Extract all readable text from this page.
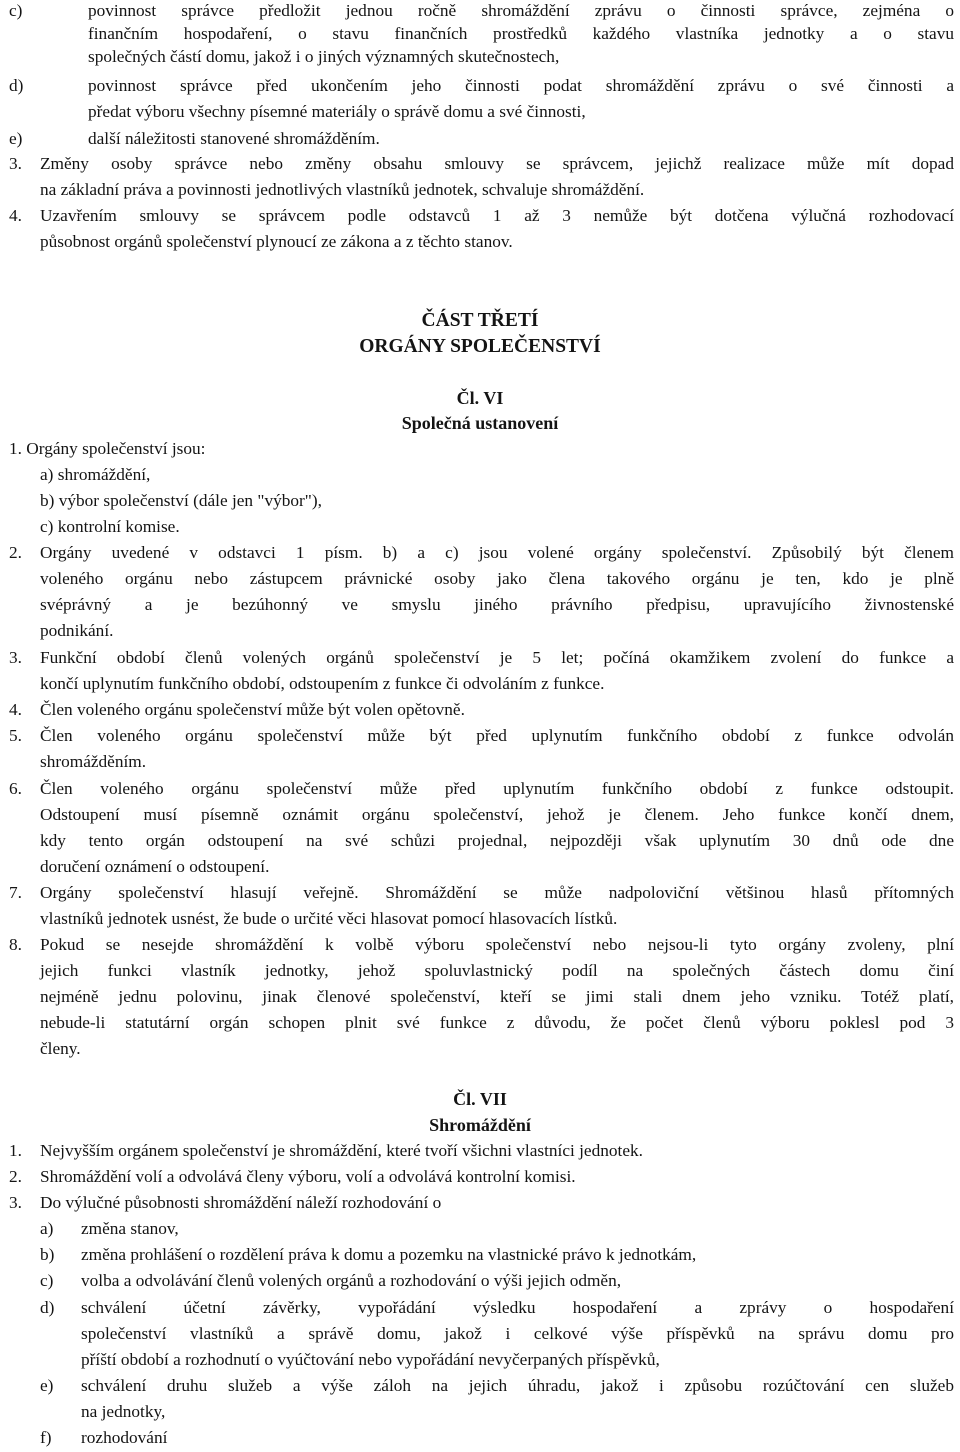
c)	povinnost správce předložit jednou ročně shromáždění zprávu o činnosti správce, zejména o
finančním hospodaření, o stavu finančních prostředků každého vlastníka jednotky a o stavu
společných částí domu, jakož i o jiných významných skutečnostech,
d)	povinnost správce před ukončením jeho činnosti podat shromáždění zprávu o své činnosti a
předat výboru všechny písemné materiály o správě domu a své činnosti,
e)	další náležitosti stanovené shromážděním.
3. Změny osoby správce nebo změny obsahu smlouvy se správcem, jejichž realizace může mít dopad
na základní práva a povinnosti jednotlivých vlastníků jednotek, schvaluje shromáždění.
4. Uzavřením smlouvy se správcem podle odstavců 1 až 3 nemůže být dotčena výlučná rozhodovací
působnost orgánů společenství plynoucí ze zákona a z těchto stanov.
ČÁST TŘETÍ
ORGÁNY SPOLEČENSTVÍ
Čl. VI
Společná ustanovení
1. Orgány společenství jsou:
a) shromáždění,
b) výbor společenství (dále jen "výbor"),
c) kontrolní komise.
2. Orgány uvedené v odstavci 1 písm. b) a c) jsou volené orgány společenství. Způsobilý být členem
voleného orgánu nebo zástupcem právnické osoby jako člena takového orgánu je ten, kdo je plně
svéprávný a je bezúhonný ve smyslu jiného právního předpisu, upravujícího živnostenské
podnikání.
3. Funkční období členů volených orgánů společenství je 5 let; počíná okamžikem zvolení do funkce a
končí uplynutím funkčního období, odstoupením z funkce či odvoláním z funkce.
4. Člen voleného orgánu společenství může být volen opětovně.
5. Člen voleného orgánu společenství může být před uplynutím funkčního období z funkce odvolán
shromážděním.
6. Člen voleného orgánu společenství může před uplynutím funkčního období z funkce odstoupit.
Odstoupení musí písemně oznámit orgánu společenství, jehož je členem. Jeho funkce končí dnem,
kdy tento orgán odstoupení na své schůzi projednal, nejpozději však uplynutím 30 dnů ode dne
doručení oznámení o odstoupení.
7. Orgány společenství hlasují veřejně. Shromáždění se může nadpoloviční většinou hlasů přítomných
vlastníků jednotek usnést, že bude o určité věci hlasovat pomocí hlasovacích lístků.
8. Pokud se nesejde shromáždění k volbě výboru společenství nebo nejsou-li tyto orgány zvoleny, plní
jejich funkci vlastník jednotky, jehož spoluvlastnický podíl na společných částech domu činí
nejméně jednu polovinu, jinak členové společenství, kteří se jimi stali dnem jeho vzniku. Totéž platí,
nebude-li statutární orgán schopen plnit své funkce z důvodu, že počet členů výboru poklesl pod 3
členy.
Čl. VII
Shromáždění
1. Nejvyšším orgánem společenství je shromáždění, které tvoří všichni vlastníci jednotek.
2. Shromáždění volí a odvolává členy výboru, volí a odvolává kontrolní komisi.
3. Do výlučné působnosti shromáždění náleží rozhodování o
a) změna stanov,
b) změna prohlášení o rozdělení práva k domu a pozemku na vlastnické právo k jednotkám,
c) volba a odvolávání členů volených orgánů a rozhodování o výši jejich odměn,
d) schválení účetní závěrky, vypořádání výsledku hospodaření a zprávy o hospodaření
společenství vlastníků a správě domu, jakož i celkové výše příspěvků na správu domu pro
příští období a rozhodnutí o vyúčtování nebo vypořádání nevyčerpaných příspěvků,
e) schválení druhu služeb a výše záloh na jejich úhradu, jakož i způsobu rozúčtování cen služeb
na jednotky,
f) rozhodování
